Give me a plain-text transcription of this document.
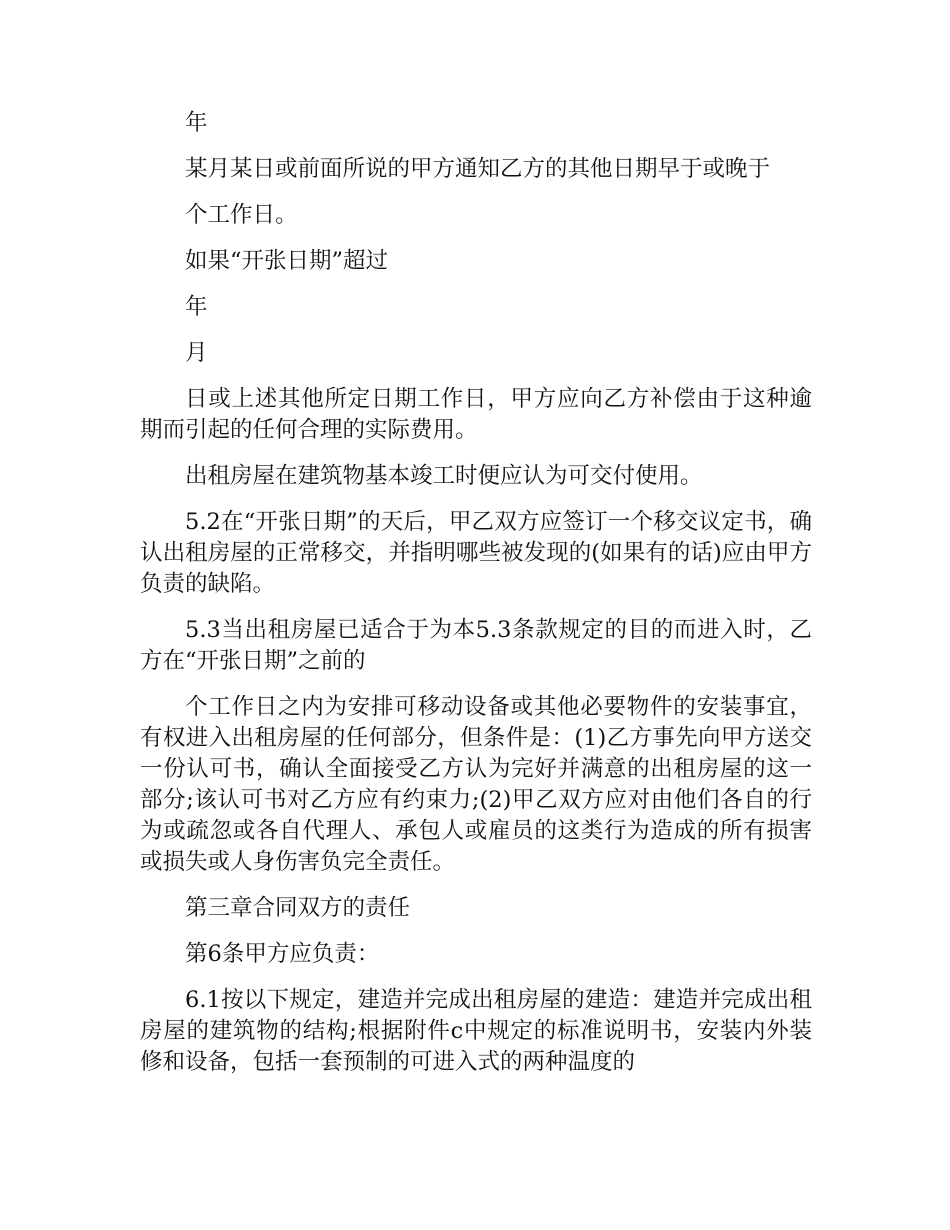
年

某月某日或前面所说的甲方通知乙方的其他日期早于或晚于

个工作日。

如果“开张日期”超过

年

月

日或上述其他所定日期工作日，甲方应向乙方补偿由于这种逾期而引起的任何合理的实际费用。

出租房屋在建筑物基本竣工时便应认为可交付使用。

5.2在“开张日期”的天后，甲乙双方应签订一个移交议定书，确认出租房屋的正常移交，并指明哪些被发现的(如果有的话)应由甲方负责的缺陷。

5.3当出租房屋已适合于为本5.3条款规定的目的而进入时，乙方在“开张日期”之前的

个工作日之内为安排可移动设备或其他必要物件的安装事宜，有权进入出租房屋的任何部分，但条件是：(1)乙方事先向甲方送交一份认可书，确认全面接受乙方认为完好并满意的出租房屋的这一部分;该认可书对乙方应有约束力;(2)甲乙双方应对由他们各自的行为或疏忽或各自代理人、承包人或雇员的这类行为造成的所有损害或损失或人身伤害负完全责任。

第三章合同双方的责任

第6条甲方应负责：

6.1按以下规定，建造并完成出租房屋的建造：建造并完成出租房屋的建筑物的结构;根据附件c中规定的标准说明书，安装内外装修和设备，包括一套预制的可进入式的两种温度的
